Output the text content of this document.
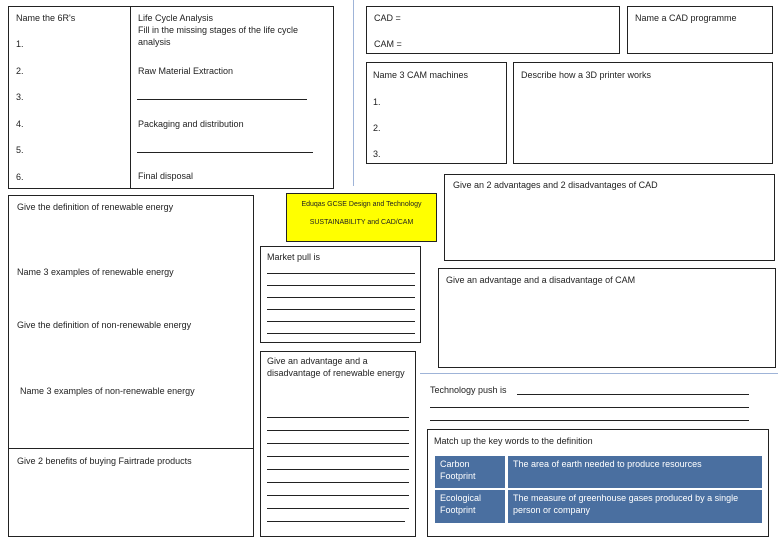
Name the 6R's
1.
2.
3.
4.
5.
6.
Life Cycle Analysis
Fill in the missing stages of the life cycle analysis
Raw Material Extraction
Packaging and distribution
Final disposal
CAD =
CAM =
Name a CAD programme
Name 3 CAM machines
1.
2.
3.
Describe how a 3D printer works
Give an 2 advantages and 2 disadvantages of CAD
Eduqas GCSE Design and Technology
SUSTAINABILITY and CAD/CAM
Give the definition of renewable energy
Name 3 examples of renewable energy
Give the definition of non-renewable energy
Name 3 examples of non-renewable energy
Give 2 benefits of buying Fairtrade products
Market pull is
Give an advantage and a disadvantage of renewable energy
Give an advantage and a disadvantage of CAM
Technology push is
Match up the key words to the definition
Carbon Footprint
The area of earth needed to produce resources
Ecological Footprint
The measure of greenhouse gases produced by a single person or company
